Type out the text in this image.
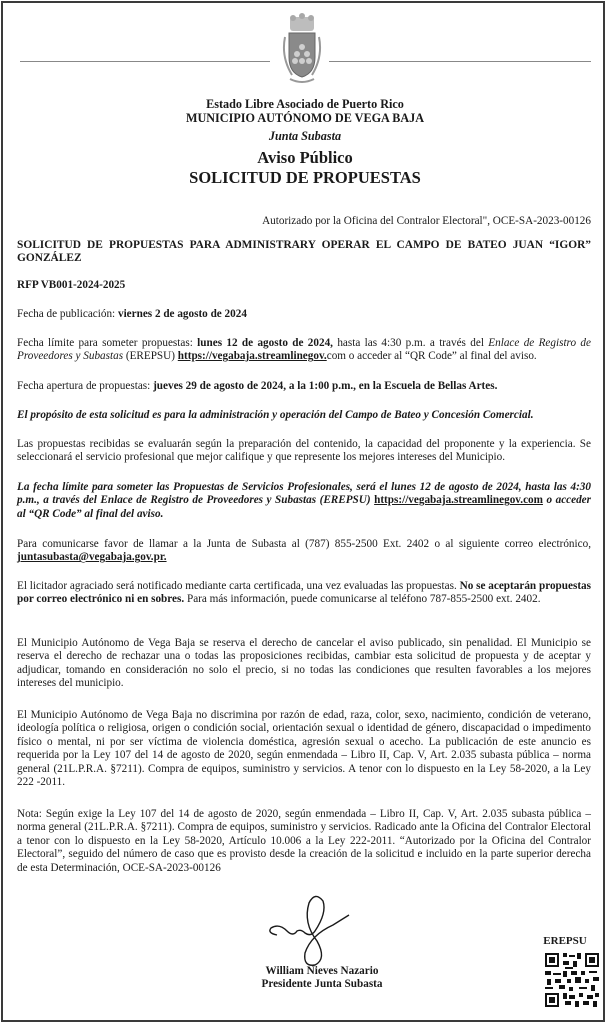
Estado Libre Asociado de Puerto Rico
MUNICIPIO AUTÓNOMO DE VEGA BAJA
Junta Subasta
Aviso Público
SOLICITUD DE PROPUESTAS
Autorizado por la Oficina del Contralor Electoral", OCE-SA-2023-00126
SOLICITUD DE PROPUESTAS PARA ADMINISTRARY OPERAR EL CAMPO DE BATEO JUAN “IGOR” GONZÁLEZ
RFP VB001-2024-2025
Fecha de publicación: viernes 2 de agosto de 2024
Fecha límite para someter propuestas: lunes 12 de agosto de 2024, hasta las 4:30 p.m. a través del Enlace de Registro de Proveedores y Subastas (EREPSU) https://vegabaja.streamlinegov.com o acceder al “QR Code” al final del aviso.
Fecha apertura de propuestas: jueves 29 de agosto de 2024, a la 1:00 p.m., en la Escuela de Bellas Artes.
El propósito de esta solicitud es para la administración y operación del Campo de Bateo y Concesión Comercial.
Las propuestas recibidas se evaluarán según la preparación del contenido, la capacidad del proponente y la experiencia. Se seleccionará el servicio profesional que mejor califique y que represente los mejores intereses del Municipio.
La fecha límite para someter las Propuestas de Servicios Profesionales, será el lunes 12 de agosto de 2024, hasta las 4:30 p.m., a través del Enlace de Registro de Proveedores y Subastas (EREPSU) https://vegabaja.streamlinegov.com o acceder al “QR Code” al final del aviso.
Para comunicarse favor de llamar a la Junta de Subasta al (787) 855-2500 Ext. 2402 o al siguiente correo electrónico, juntasubasta@vegabaja.gov.pr.
El licitador agraciado será notificado mediante carta certificada, una vez evaluadas las propuestas. No se aceptarán propuestas por correo electrónico ni en sobres. Para más información, puede comunicarse al teléfono 787-855-2500 ext. 2402.
El Municipio Autónomo de Vega Baja se reserva el derecho de cancelar el aviso publicado, sin penalidad. El Municipio se reserva el derecho de rechazar una o todas las proposiciones recibidas, cambiar esta solicitud de propuesta y de aceptar y adjudicar, tomando en consideración no solo el precio, si no todas las condiciones que resulten favorables a los mejores intereses del municipio.
El Municipio Autónomo de Vega Baja no discrimina por razón de edad, raza, color, sexo, nacimiento, condición de veterano, ideología política o religiosa, origen o condición social, orientación sexual o identidad de género, discapacidad o impedimento físico o mental, ni por ser víctima de violencia doméstica, agresión sexual o acecho. La publicación de este anuncio es requerida por la Ley 107 del 14 de agosto de 2020, según enmendada – Libro II, Cap. V, Art. 2.035 subasta pública – norma general (21L.P.R.A. §7211). Compra de equipos, suministro y servicios. A tenor con lo dispuesto en la Ley 58-2020, a la Ley 222 -2011.
Nota: Según exige la Ley 107 del 14 de agosto de 2020, según enmendada – Libro II, Cap. V, Art. 2.035 subasta pública – norma general (21L.P.R.A. §7211). Compra de equipos, suministro y servicios. Radicado ante la Oficina del Contralor Electoral a tenor con lo dispuesto en la Ley 58-2020, Artículo 10.006 a la Ley 222-2011. “Autorizado por la Oficina del Contralor Electoral”, seguido del número de caso que es provisto desde la creación de la solicitud e incluido en la parte superior derecha de esta Determinación, OCE-SA-2023-00126
William Nieves Nazario
Presidente Junta Subasta
EREPSU
